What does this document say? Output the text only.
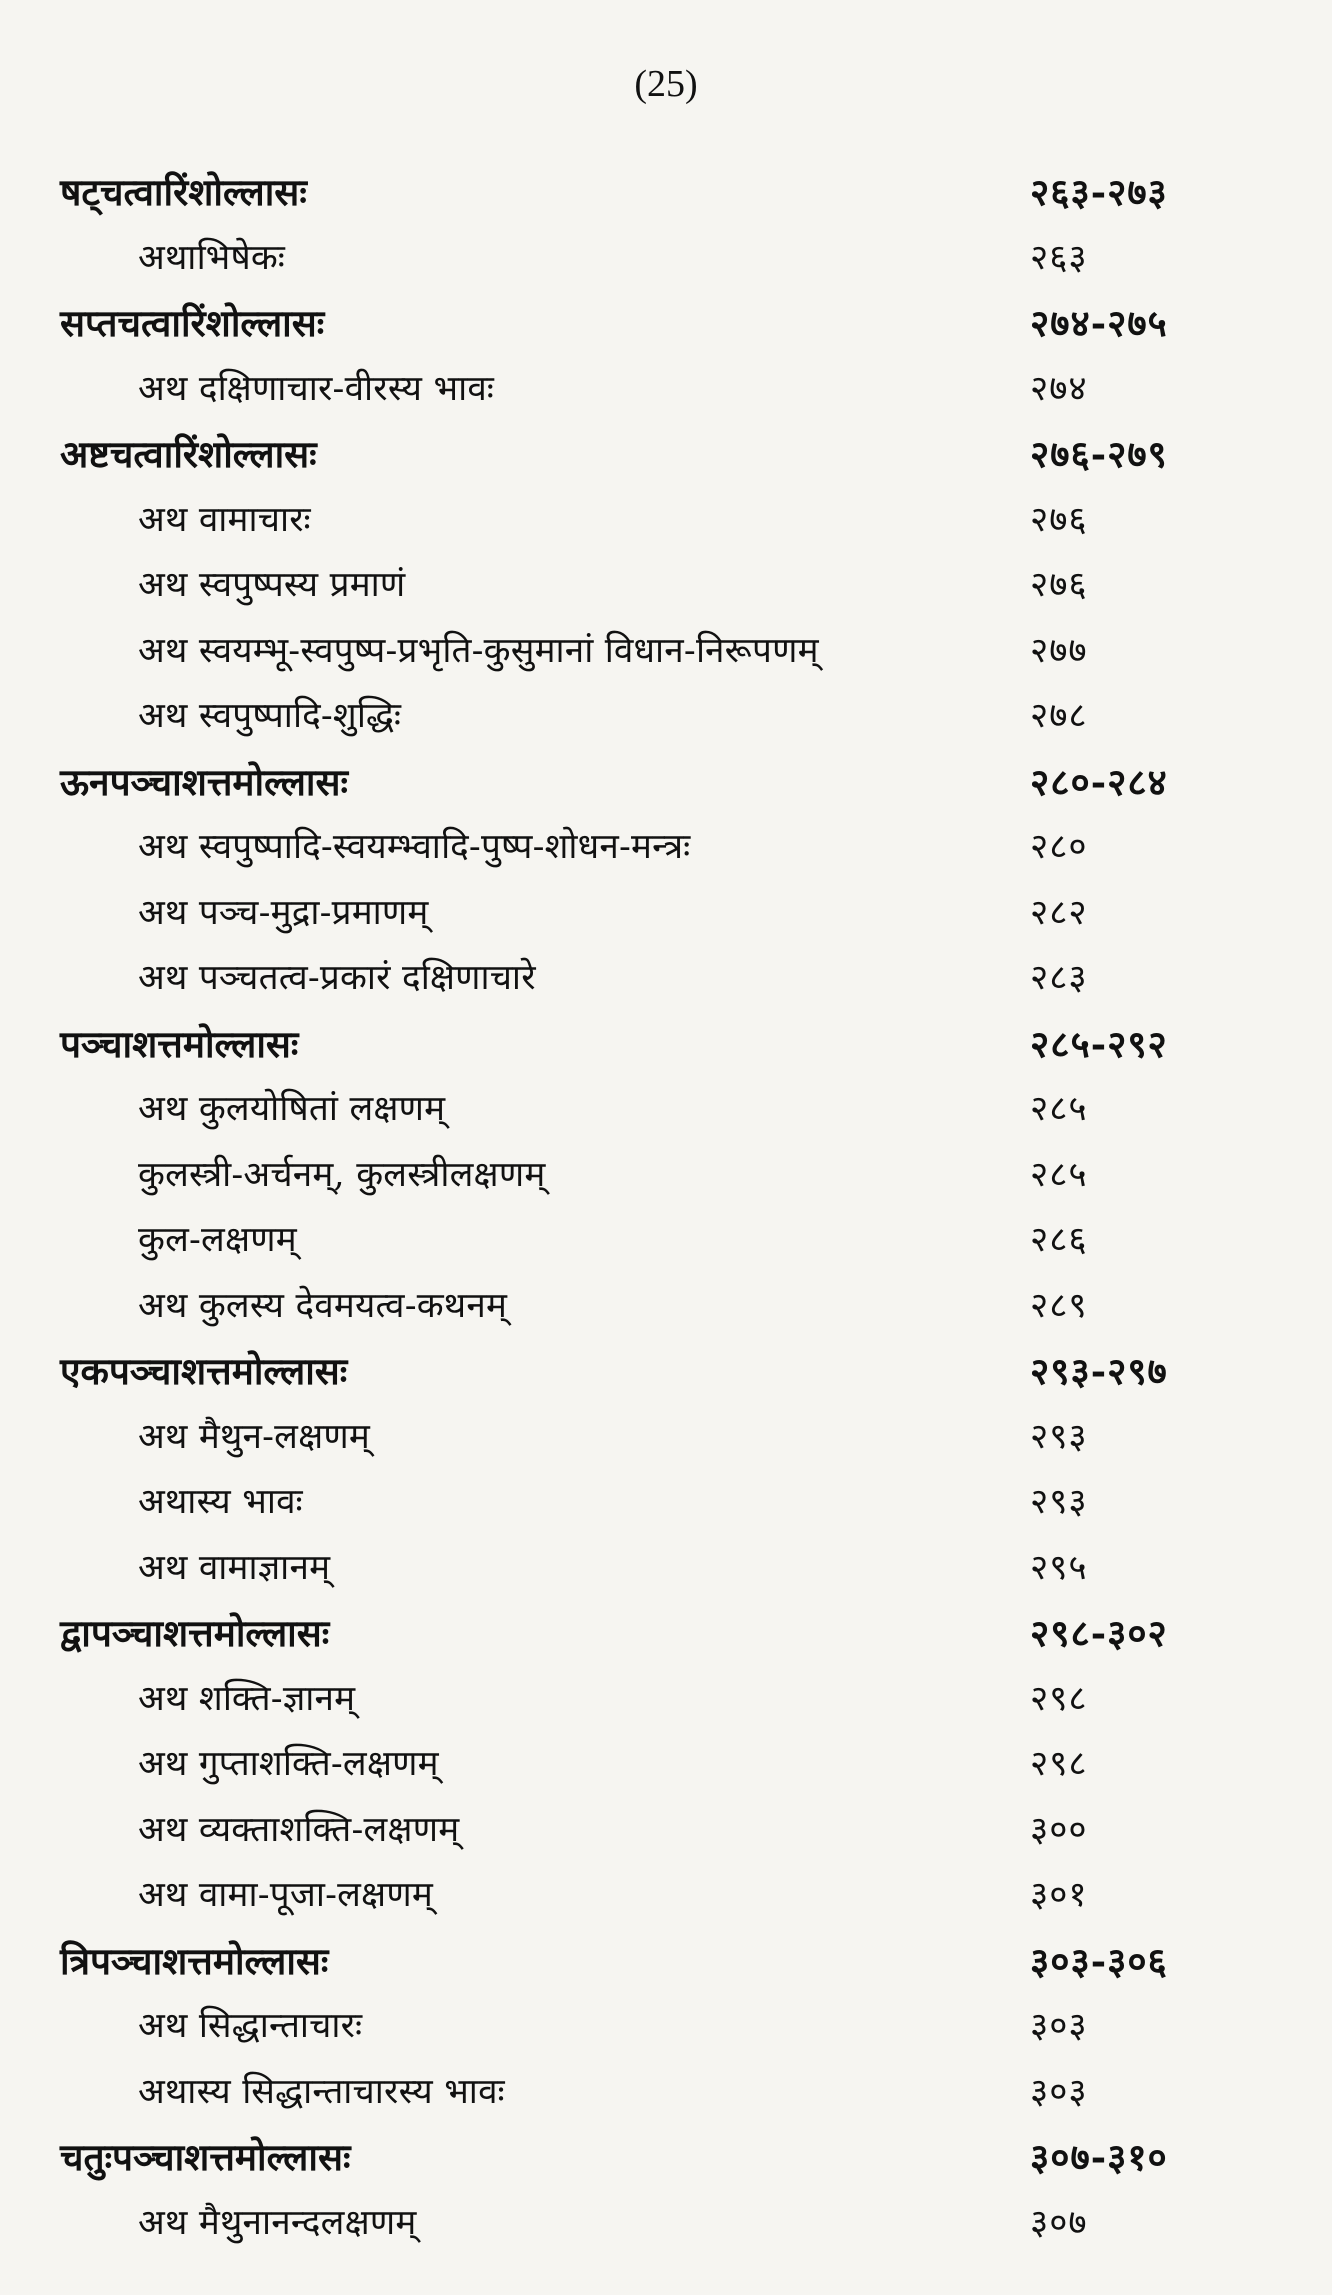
(25)
षट्चत्वारिंशोल्लासः	२६३-२७३
अथाभिषेकः	२६३
सप्तचत्वारिंशोल्लासः	२७४-२७५
अथ दक्षिणाचार-वीरस्य भावः	२७४
अष्टचत्वारिंशोल्लासः	२७६-२७९
अथ वामाचारः	२७६
अथ स्वपुष्पस्य प्रमाणं	२७६
अथ स्वयम्भू-स्वपुष्प-प्रभृति-कुसुमानां विधान-निरूपणम्	२७७
अथ स्वपुष्पादि-शुद्धिः	२७८
ऊनपञ्चाशत्तमोल्लासः	२८०-२८४
अथ स्वपुष्पादि-स्वयम्भ्वादि-पुष्प-शोधन-मन्त्रः	२८०
अथ पञ्च-मुद्रा-प्रमाणम्	२८२
अथ पञ्चतत्व-प्रकारं दक्षिणाचारे	२८३
पञ्चाशत्तमोल्लासः	२८५-२९२
अथ कुलयोषितां लक्षणम्	२८५
कुलस्त्री-अर्चनम्, कुलस्त्रीलक्षणम्	२८५
कुल-लक्षणम्	२८६
अथ कुलस्य देवमयत्व-कथनम्	२८९
एकपञ्चाशत्तमोल्लासः	२९३-२९७
अथ मैथुन-लक्षणम्	२९३
अथास्य भावः	२९३
अथ वामाज्ञानम्	२९५
द्वापञ्चाशत्तमोल्लासः	२९८-३०२
अथ शक्ति-ज्ञानम्	२९८
अथ गुप्ताशक्ति-लक्षणम्	२९८
अथ व्यक्ताशक्ति-लक्षणम्	३००
अथ वामा-पूजा-लक्षणम्	३०१
त्रिपञ्चाशत्तमोल्लासः	३०३-३०६
अथ सिद्धान्ताचारः	३०३
अथास्य सिद्धान्ताचारस्य भावः	३०३
चतुःपञ्चाशत्तमोल्लासः	३०७-३१०
अथ मैथुनानन्दलक्षणम्	३०७
